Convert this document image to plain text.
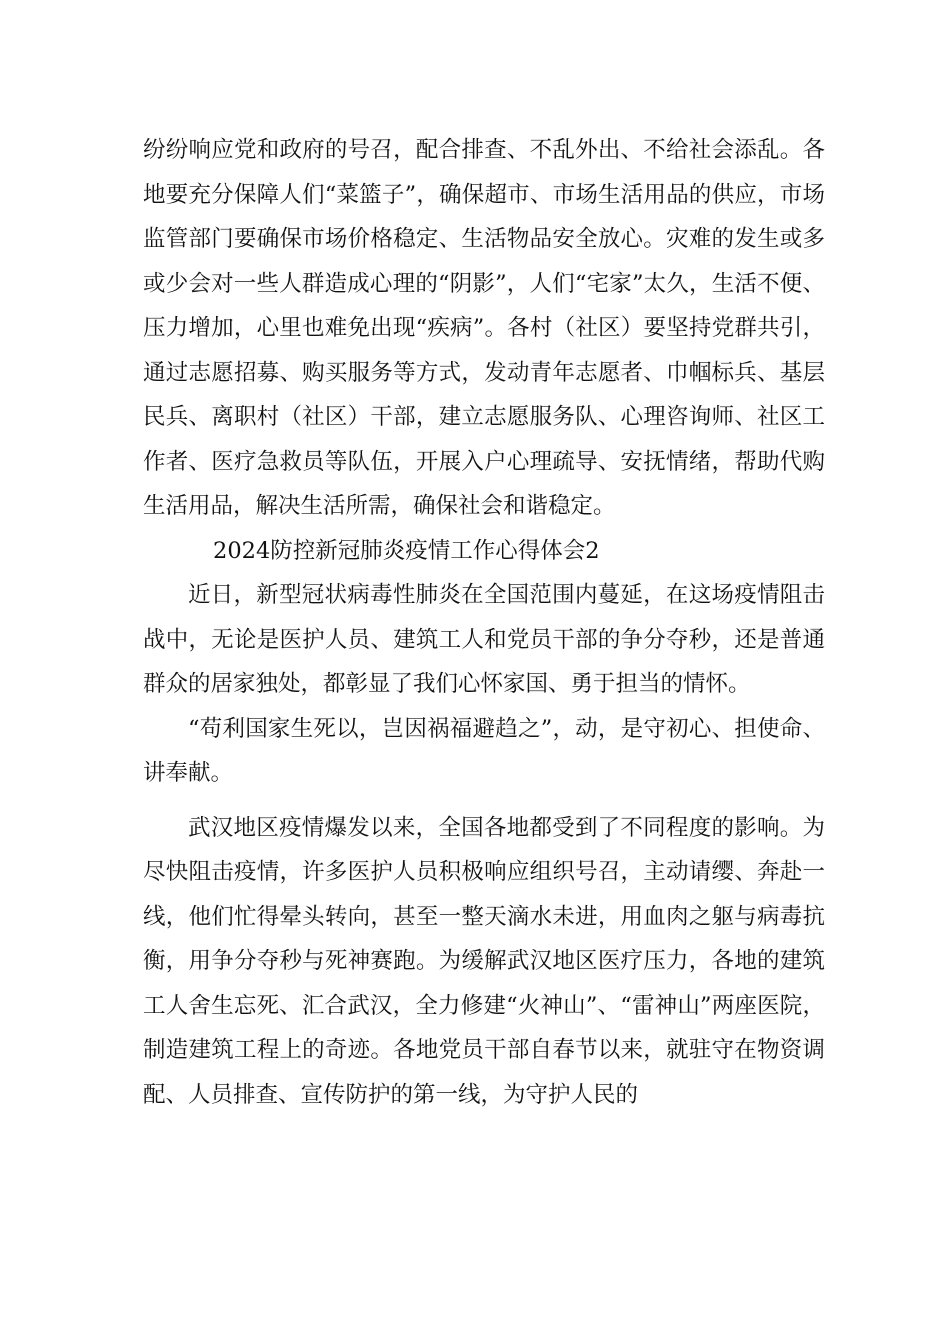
纷纷响应党和政府的号召，配合排查、不乱外出、不给社会添乱。各地要充分保障人们“菜篮子”，确保超市、市场生活用品的供应，市场监管部门要确保市场价格稳定、生活物品安全放心。灾难的发生或多或少会对一些人群造成心理的“阴影”，人们“宅家”太久，生活不便、压力增加，心里也难免出现“疾病”。各村（社区）要坚持党群共引，通过志愿招募、购买服务等方式，发动青年志愿者、巾帼标兵、基层民兵、离职村（社区）干部，建立志愿服务队、心理咨询师、社区工作者、医疗急救员等队伍，开展入户心理疏导、安抚情绪，帮助代购生活用品，解决生活所需，确保社会和谐稳定。

2024防控新冠肺炎疫情工作心得体会2

近日，新型冠状病毒性肺炎在全国范围内蔓延，在这场疫情阻击战中，无论是医护人员、建筑工人和党员干部的争分夺秒，还是普通群众的居家独处，都彰显了我们心怀家国、勇于担当的情怀。

“苟利国家生死以，岂因祸福避趋之”，动，是守初心、担使命、讲奉献。

武汉地区疫情爆发以来，全国各地都受到了不同程度的影响。为尽快阻击疫情，许多医护人员积极响应组织号召，主动请缨、奔赴一线，他们忙得晕头转向，甚至一整天滴水未进，用血肉之躯与病毒抗衡，用争分夺秒与死神赛跑。为缓解武汉地区医疗压力，各地的建筑工人舍生忘死、汇合武汉，全力修建“火神山”、“雷神山”两座医院，制造建筑工程上的奇迹。各地党员干部自春节以来，就驻守在物资调配、人员排查、宣传防护的第一线，为守护人民的
